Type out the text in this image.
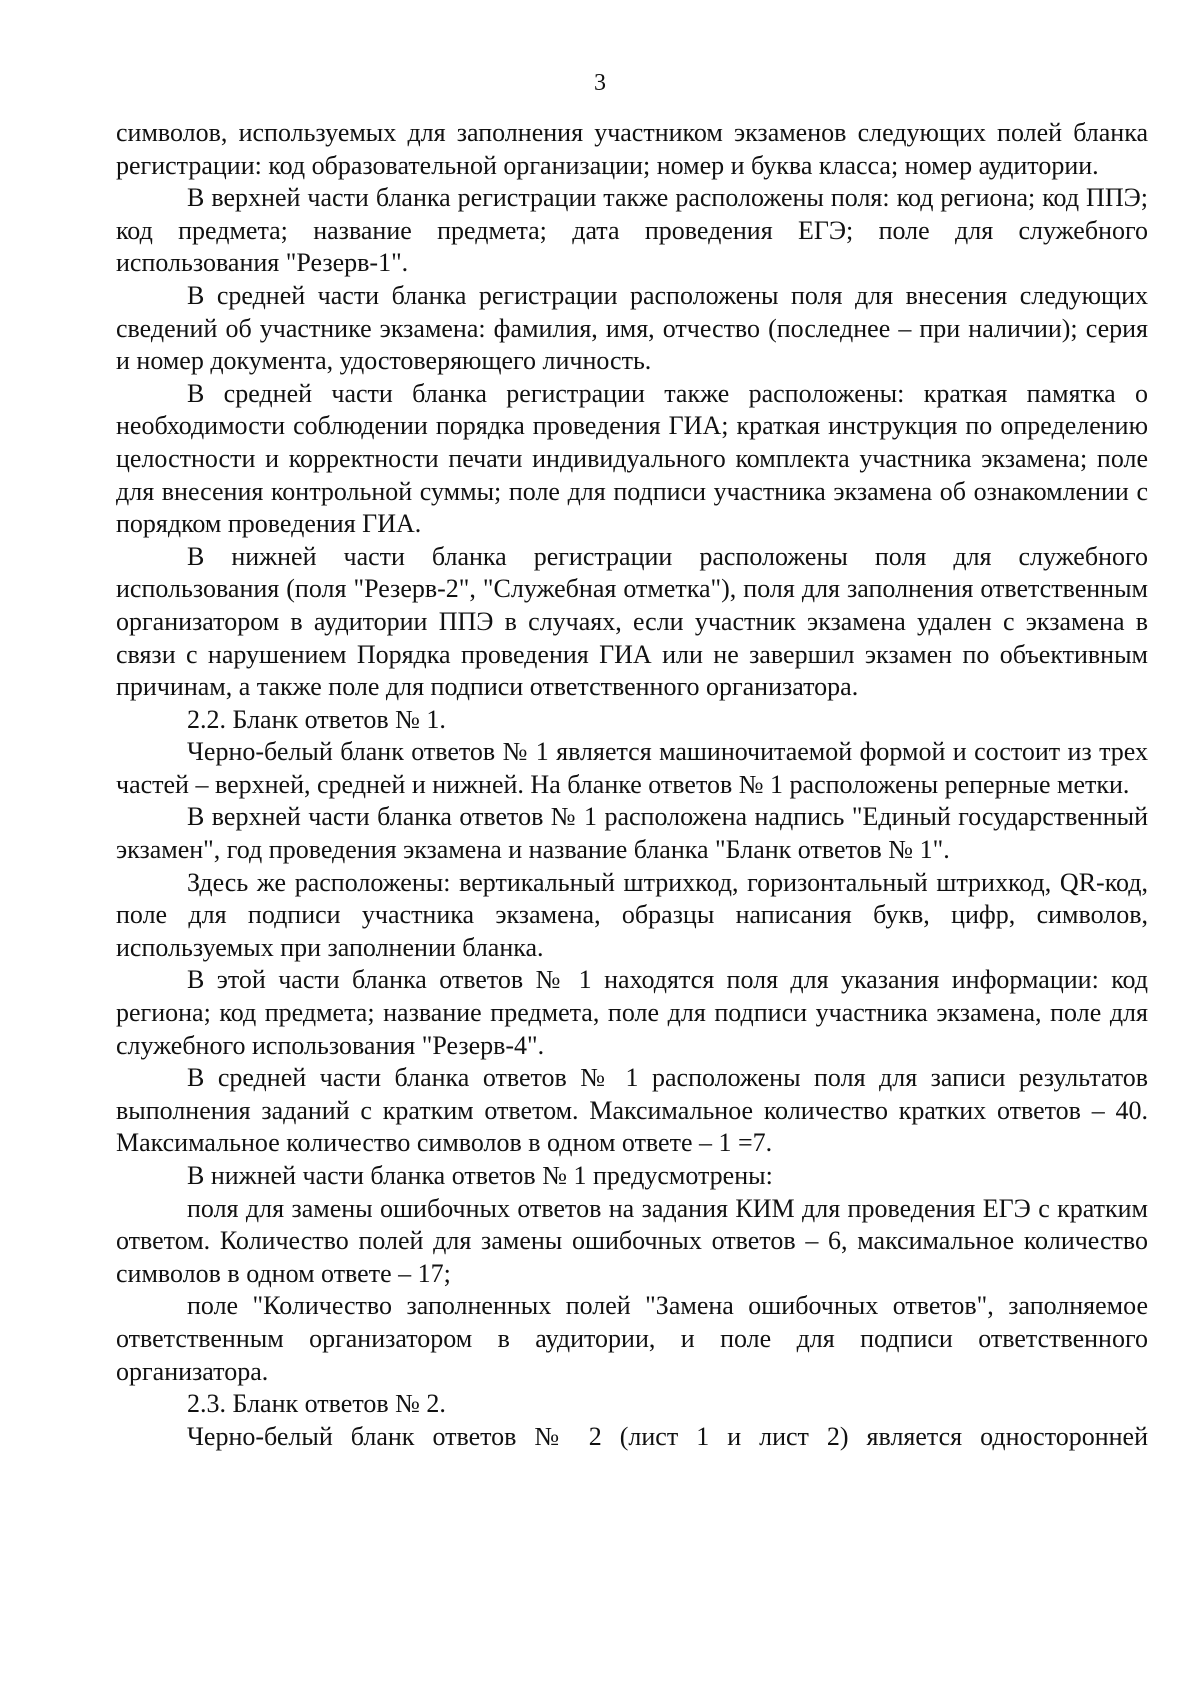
3

символов, используемых для заполнения участником экзаменов следующих полей бланка регистрации: код образовательной организации; номер и буква класса; номер аудитории.

В верхней части бланка регистрации также расположены поля: код региона; код ППЭ; код предмета; название предмета; дата проведения ЕГЭ; поле для служебного использования "Резерв-1".

В средней части бланка регистрации расположены поля для внесения следующих сведений об участнике экзамена: фамилия, имя, отчество (последнее – при наличии); серия и номер документа, удостоверяющего личность.

В средней части бланка регистрации также расположены: краткая памятка о необходимости соблюдении порядка проведения ГИА; краткая инструкция по определению целостности и корректности печати индивидуального комплекта участника экзамена; поле для внесения контрольной суммы; поле для подписи участника экзамена об ознакомлении с порядком проведения ГИА.

В нижней части бланка регистрации расположены поля для служебного использования (поля "Резерв-2", "Служебная отметка"), поля для заполнения ответственным организатором в аудитории ППЭ в случаях, если участник экзамена удален с экзамена в связи с нарушением Порядка проведения ГИА или не завершил экзамен по объективным причинам, а также поле для подписи ответственного организатора.

2.2. Бланк ответов № 1.

Черно-белый бланк ответов № 1 является машиночитаемой формой и состоит из трех частей – верхней, средней и нижней. На бланке ответов № 1 расположены реперные метки.

В верхней части бланка ответов № 1 расположена надпись "Единый государственный экзамен", год проведения экзамена и название бланка "Бланк ответов № 1".

Здесь же расположены: вертикальный штрихкод, горизонтальный штрихкод, QR-код, поле для подписи участника экзамена, образцы написания букв, цифр, символов, используемых при заполнении бланка.

В этой части бланка ответов № 1 находятся поля для указания информации: код региона; код предмета; название предмета, поле для подписи участника экзамена, поле для служебного использования "Резерв-4".

В средней части бланка ответов № 1 расположены поля для записи результатов выполнения заданий с кратким ответом. Максимальное количество кратких ответов – 40. Максимальное количество символов в одном ответе – 1 =7.

В нижней части бланка ответов № 1 предусмотрены:

поля для замены ошибочных ответов на задания КИМ для проведения ЕГЭ с кратким ответом. Количество полей для замены ошибочных ответов – 6, максимальное количество символов в одном ответе – 17;

поле "Количество заполненных полей "Замена ошибочных ответов", заполняемое ответственным организатором в аудитории, и поле для подписи ответственного организатора.

2.3. Бланк ответов № 2.

Черно-белый бланк ответов № 2 (лист 1 и лист 2) является односторонней
